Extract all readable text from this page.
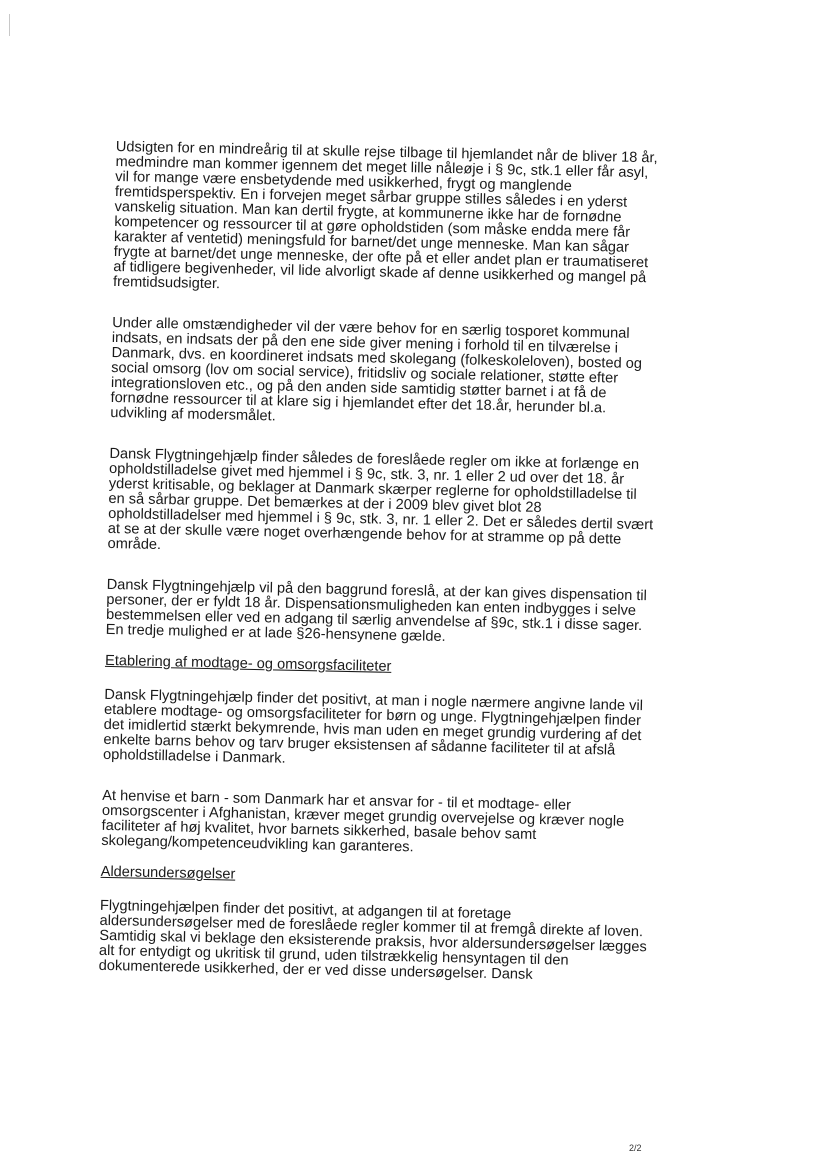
Udsigten for en mindreårig til at skulle rejse tilbage til hjemlandet når de bliver 18 år, medmindre man kommer igennem det meget lille nåleøje i § 9c, stk.1 eller får asyl, vil for mange være ensbetydende med usikkerhed, frygt og manglende fremtidsperspektiv. En i forvejen meget sårbar gruppe stilles således i en yderst vanskelig situation. Man kan dertil frygte, at kommunerne ikke har de fornødne kompetencer og ressourcer til at gøre opholdstiden (som måske endda mere får karakter af ventetid) meningsfuld for barnet/det unge menneske. Man kan sågar frygte at barnet/det unge menneske, der ofte på et eller andet plan er traumatiseret af tidligere begivenheder, vil lide alvorligt skade af denne usikkerhed og mangel på fremtidsudsigter.

Under alle omstændigheder vil der være behov for en særlig tosporet kommunal indsats, en indsats der på den ene side giver mening i forhold til en tilværelse i Danmark, dvs. en koordineret indsats med skolegang (folkeskoleloven), bosted og social omsorg (lov om social service), fritidsliv og sociale relationer, støtte efter integrationsloven etc., og på den anden side samtidig støtter barnet i at få de fornødne ressourcer til at klare sig i hjemlandet efter det 18.år, herunder bl.a. udvikling af modersmålet.

Dansk Flygtningehjælp finder således de foreslåede regler om ikke at forlænge en opholdstilladelse givet med hjemmel i § 9c, stk. 3, nr. 1 eller 2 ud over det 18. år yderst kritisable, og beklager at Danmark skærper reglerne for opholdstilladelse til en så sårbar gruppe. Det bemærkes at der i 2009 blev givet blot 28 opholdstilladelser med hjemmel i § 9c, stk. 3, nr. 1 eller 2. Det er således dertil svært at se at der skulle være noget overhængende behov for at stramme op på dette område.

Dansk Flygtningehjælp vil på den baggrund foreslå, at der kan gives dispensation til personer, der er fyldt 18 år. Dispensationsmuligheden kan enten indbygges i selve bestemmelsen eller ved en adgang til særlig anvendelse af §9c, stk.1 i disse sager. En tredje mulighed er at lade §26-hensynene gælde.

Etablering af modtage- og omsorgsfaciliteter

Dansk Flygtningehjælp finder det positivt, at man i nogle nærmere angivne lande vil etablere modtage- og omsorgsfaciliteter for børn og unge. Flygtningehjælpen finder det imidlertid stærkt bekymrende, hvis man uden en meget grundig vurdering af det enkelte barns behov og tarv bruger eksistensen af sådanne faciliteter til at afslå opholdstilladelse i Danmark.

At henvise et barn - som Danmark har et ansvar for - til et modtage- eller omsorgscenter i Afghanistan, kræver meget grundig overvejelse og kræver nogle faciliteter af høj kvalitet, hvor barnets sikkerhed, basale behov samt skolegang/kompetenceudvikling kan garanteres.

Aldersundersøgelser

Flygtningehjælpen finder det positivt, at adgangen til at foretage aldersundersøgelser med de foreslåede regler kommer til at fremgå direkte af loven. Samtidig skal vi beklage den eksisterende praksis, hvor aldersundersøgelser lægges alt for entydigt og ukritisk til grund, uden tilstrækkelig hensyntagen til den dokumenterede usikkerhed, der er ved disse undersøgelser. Dansk

2/2
